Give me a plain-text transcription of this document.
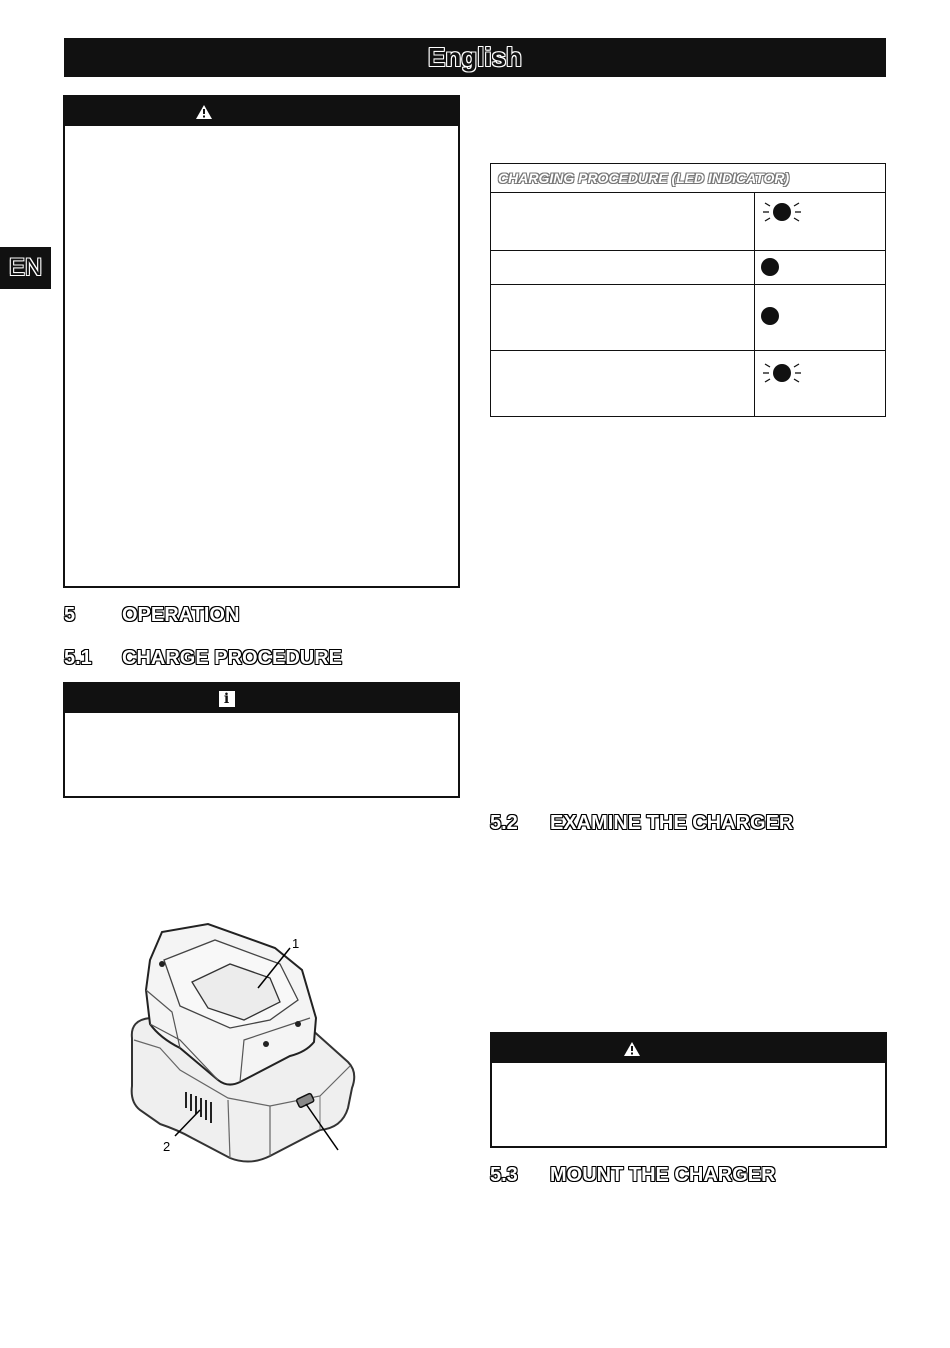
English
EN
5 OPERATION
5.1 CHARGE PROCEDURE
i
1
2
CHARGING PROCEDURE (LED INDICATOR)	

5.2 EXAMINE THE CHARGER
5.3 MOUNT THE CHARGER
